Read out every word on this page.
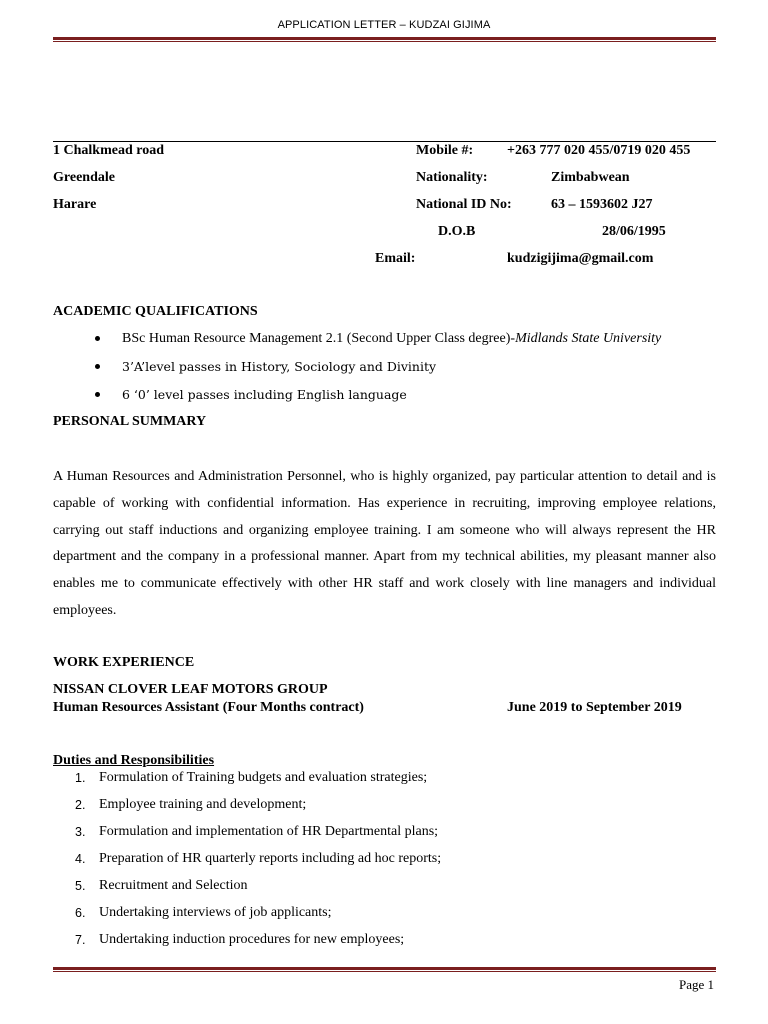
APPLICATION LETTER – KUDZAI GIJIMA
1 Chalkmead road
Greendale
Harare
Mobile #: +263 777 020 455/0719 020 455
Nationality:	Zimbabwean
National ID No:	63 – 1593602 J27
D.O.B	28/06/1995
Email:	kudzigijima@gmail.com
ACADEMIC QUALIFICATIONS
BSc Human Resource Management 2.1 (Second Upper Class degree)-Midlands State University
3’A’level passes in History, Sociology and Divinity
6 ‘0’ level passes including English language
PERSONAL SUMMARY
A Human Resources and Administration Personnel, who is highly organized, pay particular attention to detail and is capable of working with confidential information. Has experience in recruiting, improving employee relations, carrying out staff inductions and organizing employee training. I am someone who will always represent the HR department and the company in a professional manner. Apart from my technical abilities, my pleasant manner also enables me to communicate effectively with other HR staff and work closely with line managers and individual employees.
WORK EXPERIENCE
NISSAN CLOVER LEAF MOTORS GROUP
Human Resources Assistant (Four Months contract)	June 2019 to September 2019
Duties and Responsibilities
1. Formulation of Training budgets and evaluation strategies;
2. Employee training and development;
3. Formulation and implementation of HR Departmental plans;
4. Preparation of HR quarterly reports including ad hoc reports;
5. Recruitment and Selection
6. Undertaking interviews of job applicants;
7. Undertaking induction procedures for new employees;
Page 1
